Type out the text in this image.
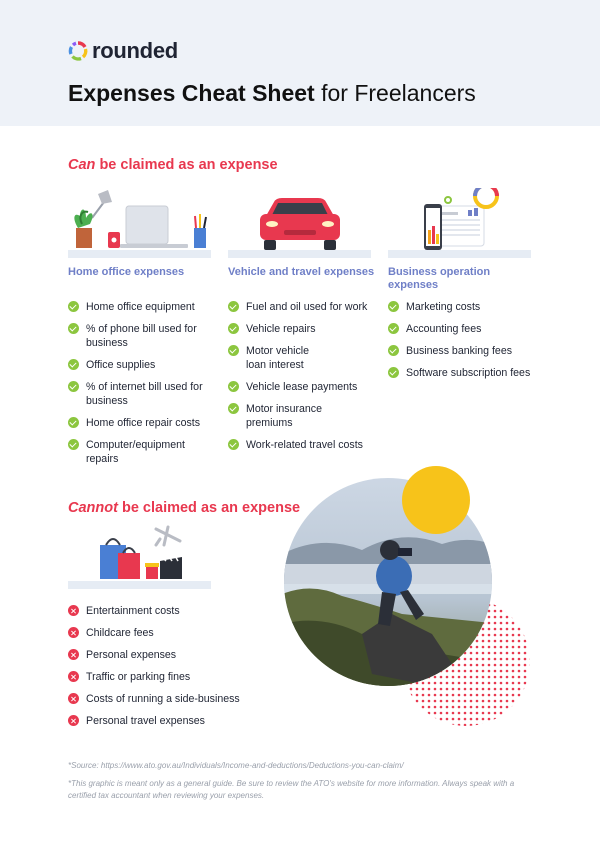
rounded
Expenses Cheat Sheet for Freelancers
Can be claimed as an expense
Home office expenses
Home office equipment
% of phone bill used for business
Office supplies
% of internet bill used for business
Home office repair costs
Computer/equipment repairs
Vehicle and travel expenses
Fuel and oil used for work
Vehicle repairs
Motor vehicle loan interest
Vehicle lease payments
Motor insurance premiums
Work-related travel costs
Business operation expenses
Marketing costs
Accounting fees
Business banking fees
Software subscription fees
Cannot be claimed as an expense
Entertainment costs
Childcare fees
Personal expenses
Traffic or parking fines
Costs of running a side-business
Personal travel expenses
*Source: https://www.ato.gov.au/Individuals/Income-and-deductions/Deductions-you-can-claim/
*This graphic is meant only as a general guide. Be sure to review the ATO's website for more information. Always speak with a certified tax accountant when reviewing your expenses.
